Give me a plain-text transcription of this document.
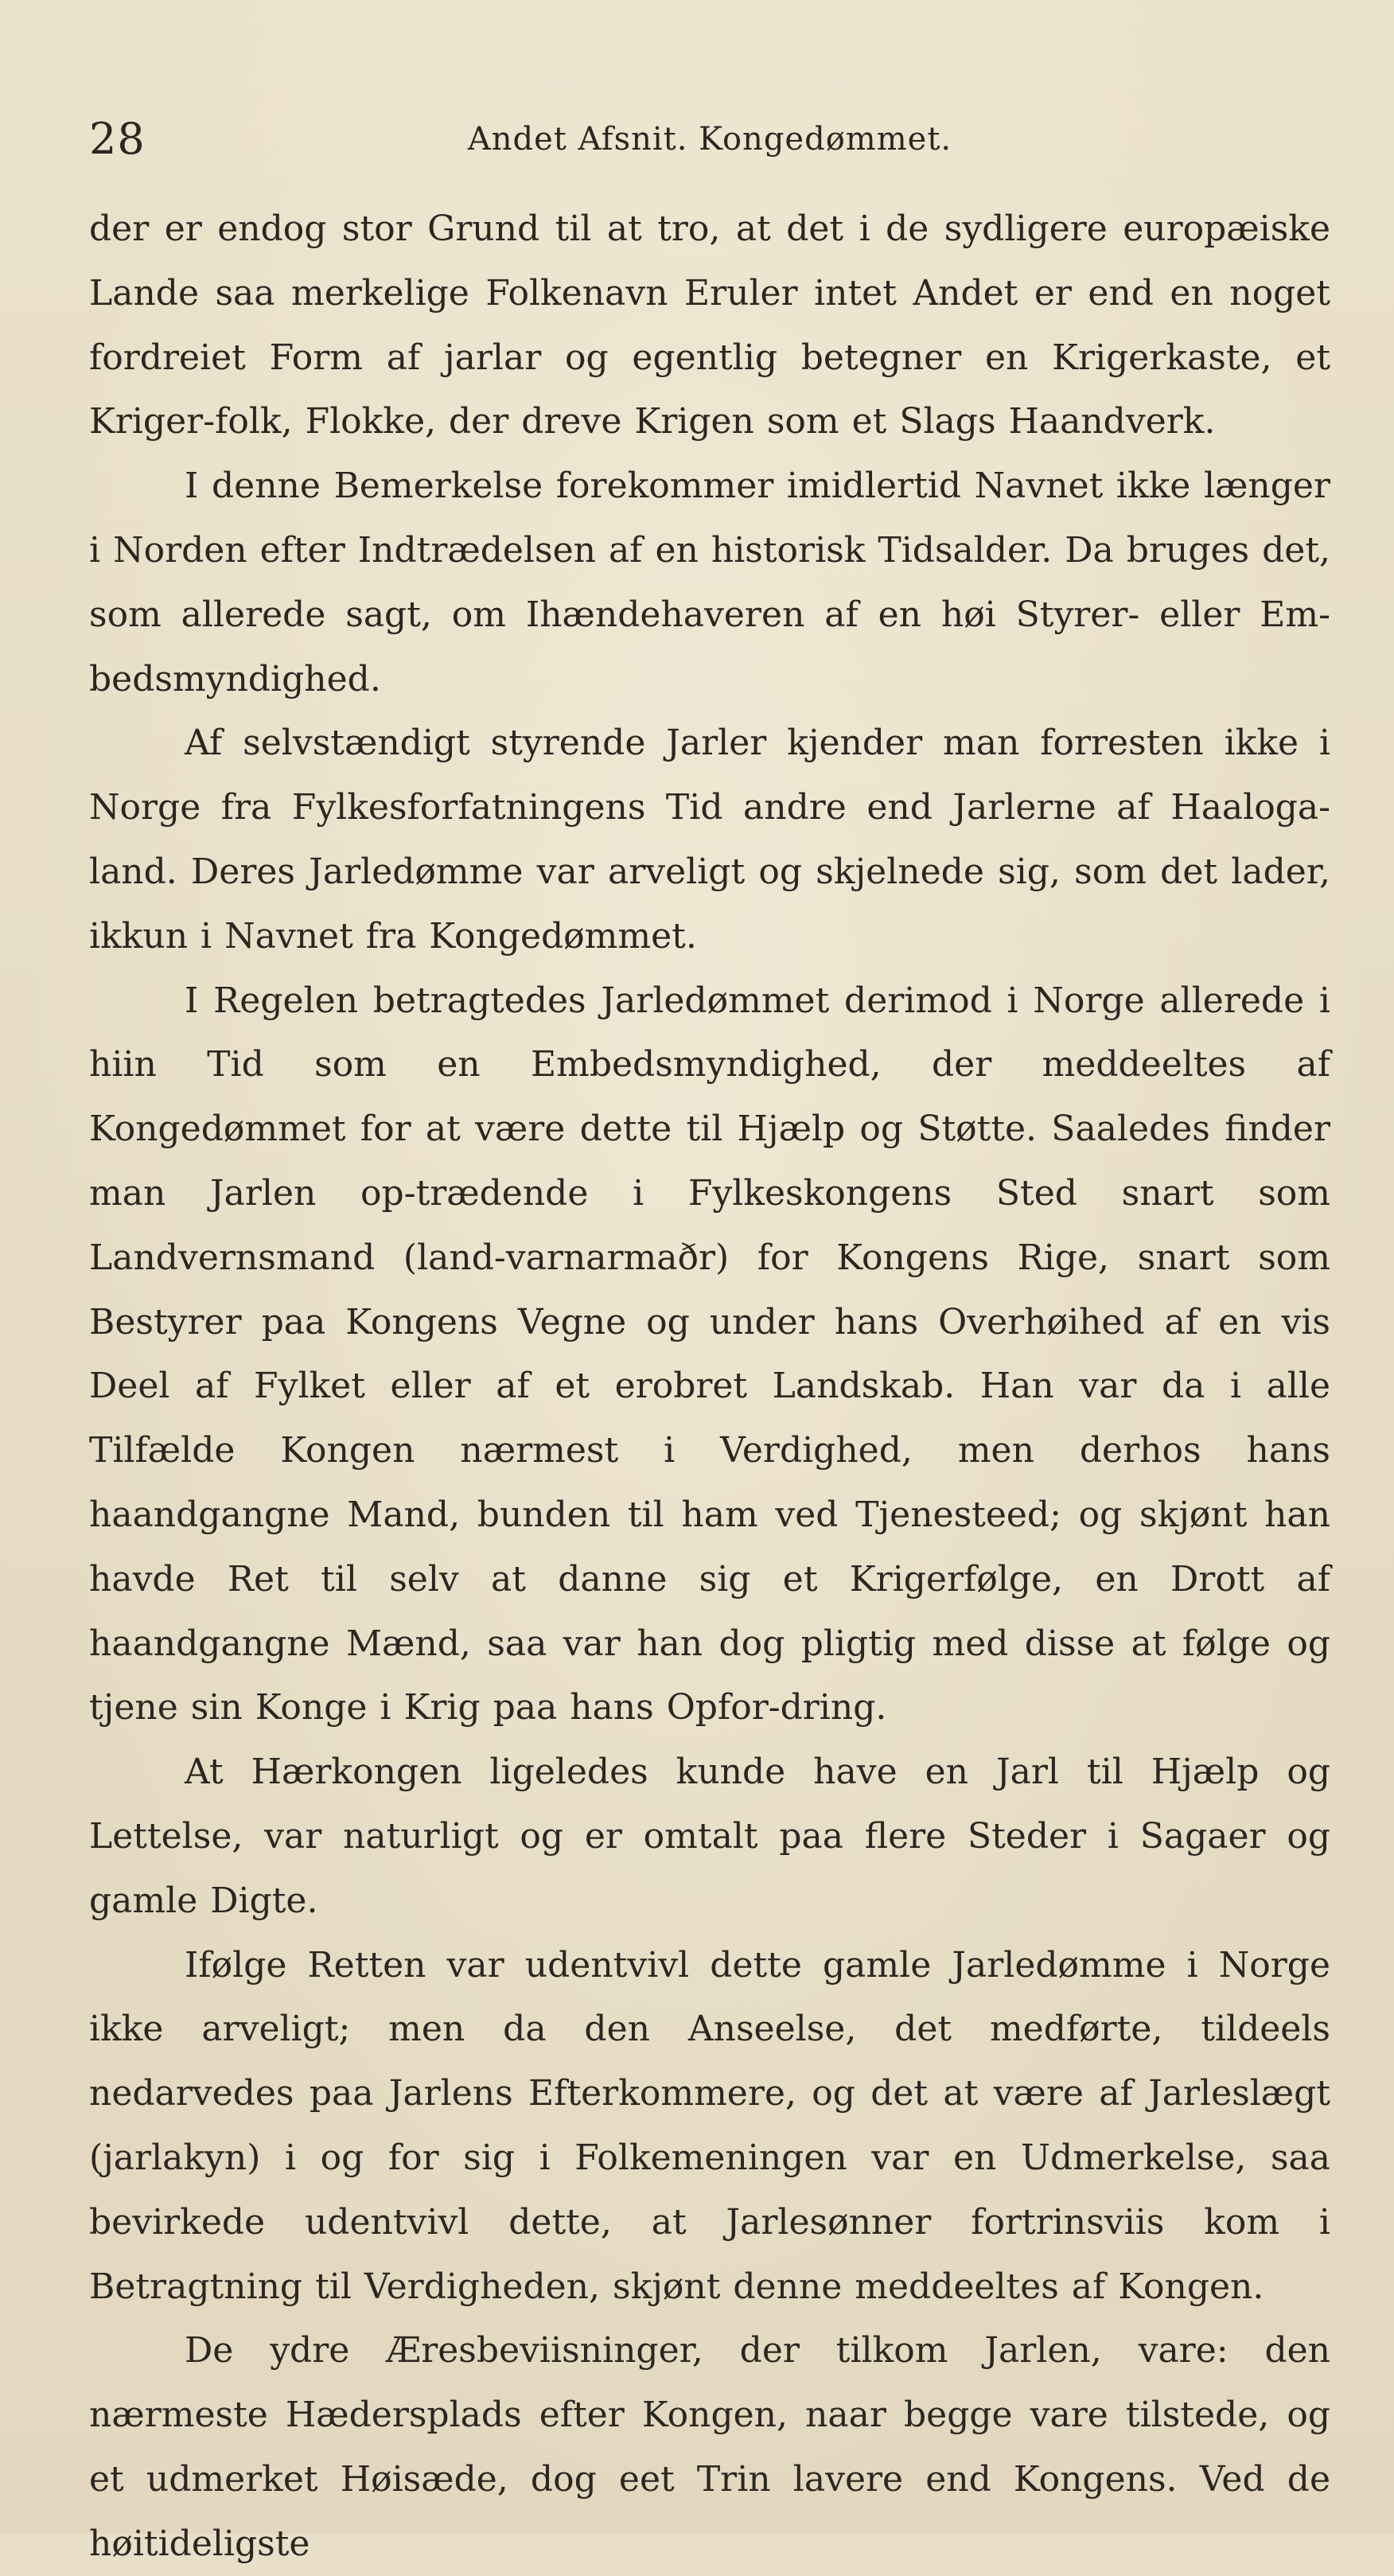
28	Andet Afsnit. Kongedømmet.

der er endog stor Grund til at tro, at det i de sydligere europæiske Lande saa merkelige Folkenavn Eruler intet Andet er end en noget fordreiet Form af jarlar og egentlig betegner en Krigerkaste, et Kriger-folk, Flokke, der dreve Krigen som et Slags Haandverk.

I denne Bemerkelse forekommer imidlertid Navnet ikke længer i Norden efter Indtrædelsen af en historisk Tidsalder. Da bruges det, som allerede sagt, om Ihændehaveren af en høi Styrer- eller Em-bedsmyndighed.

Af selvstændigt styrende Jarler kjender man forresten ikke i Norge fra Fylkesforfatningens Tid andre end Jarlerne af Haaloga-land. Deres Jarledømme var arveligt og skjelnede sig, som det lader, ikkun i Navnet fra Kongedømmet.

I Regelen betragtedes Jarledømmet derimod i Norge allerede i hiin Tid som en Embedsmyndighed, der meddeeltes af Kongedømmet for at være dette til Hjælp og Støtte. Saaledes finder man Jarlen op-trædende i Fylkeskongens Sted snart som Landvernsmand (land-varnarmaðr) for Kongens Rige, snart som Bestyrer paa Kongens Vegne og under hans Overhøihed af en vis Deel af Fylket eller af et erobret Landskab. Han var da i alle Tilfælde Kongen nærmest i Verdighed, men derhos hans haandgangne Mand, bunden til ham ved Tjenesteed; og skjønt han havde Ret til selv at danne sig et Krigerfølge, en Drott af haandgangne Mænd, saa var han dog pligtig med disse at følge og tjene sin Konge i Krig paa hans Opfor-dring.

At Hærkongen ligeledes kunde have en Jarl til Hjælp og Lettelse, var naturligt og er omtalt paa flere Steder i Sagaer og gamle Digte.

Ifølge Retten var udentvivl dette gamle Jarledømme i Norge ikke arveligt; men da den Anseelse, det medførte, tildeels nedarvedes paa Jarlens Efterkommere, og det at være af Jarleslægt (jarlakyn) i og for sig i Folkemeningen var en Udmerkelse, saa bevirkede udentvivl dette, at Jarlesønner fortrinsviis kom i Betragtning til Verdigheden, skjønt denne meddeeltes af Kongen.

De ydre Æresbeviisninger, der tilkom Jarlen, vare: den nærmeste Hædersplads efter Kongen, naar begge vare tilstede, og et udmerket Høisæde, dog eet Trin lavere end Kongens. Ved de høitideligste
